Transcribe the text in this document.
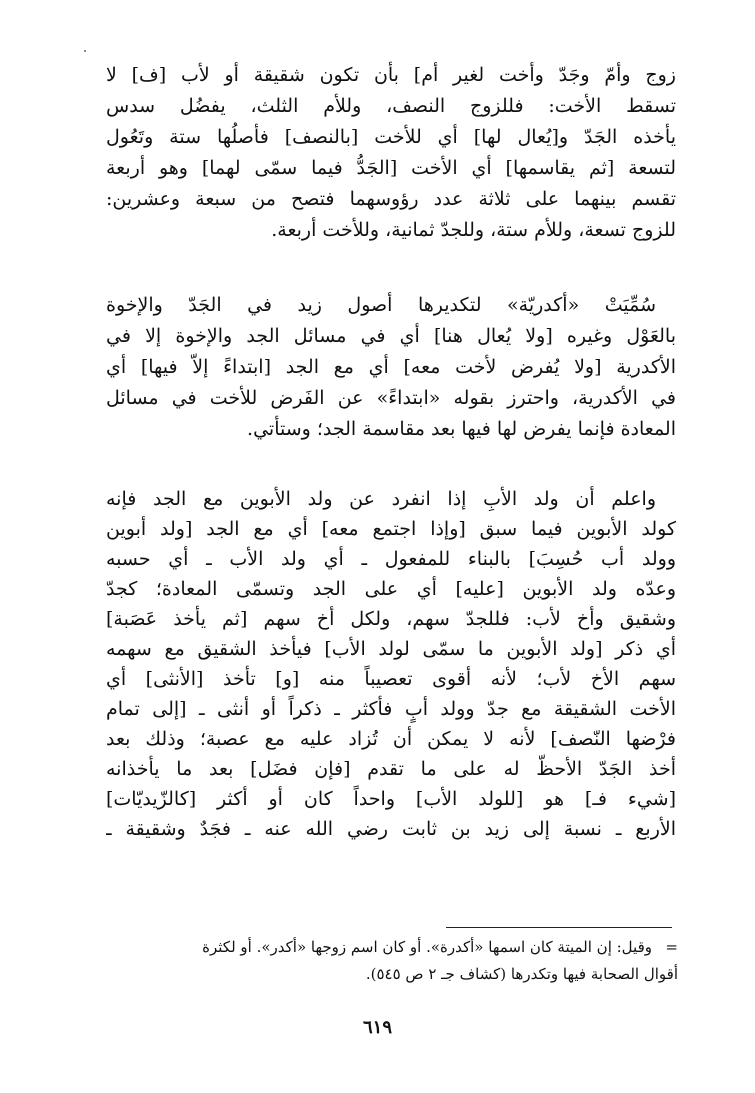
زوج وأمّ وجَدّ وأخت لغير أم] بأن تكون شقيقة أو لأب [ف] لا
تسقط الأخت: فللزوج النصف، وللأم الثلث، يفضُل سدس
يأخذه الجَدّ و[يُعال لها] أي للأخت [بالنصف] فأصلُها ستة وتَعُول
لتسعة [ثم يقاسمها] أي الأخت [الجَدُّ فيما سمّى لهما] وهو أربعة
تقسم بينهما على ثلاثة عدد رؤوسهما فتصح من سبعة وعشرين:
للزوج تسعة، وللأم ستة، وللجدّ ثمانية، وللأخت أربعة.
سُمِّيَتْ «أكدريّة» لتكديرها أصول زيد في الجَدّ والإخوة
بالعَوْل وغيره [ولا يُعال هنا] أي في مسائل الجد والإخوة إلا في
الأكدرية [ولا يُفرض لأخت معه] أي مع الجد [ابتداءً إلاّ فيها] أي
في الأكدرية، واحترز بقوله «ابتداءً» عن الفَرض للأخت في مسائل
المعادة فإنما يفرض لها فيها بعد مقاسمة الجد؛ وستأتي.
واعلم أن ولد الأبِ إذا انفرد عن ولد الأبوين مع الجد فإنه
كولد الأبوين فيما سبق [وإذا اجتمع معه] أي مع الجد [ولد أبوين
وولد أب حُسِبَ] بالبناء للمفعول ـ أي ولد الأب ـ أي حسبه
وعدّه ولد الأبوين [عليه] أي على الجد وتسمّى المعادة؛ كجدّ
وشقيق وأخ لأب: فللجدّ سهم، ولكل أخ سهم [ثم يأخذ عَصَبة]
أي ذكر [ولد الأبوين ما سمّى لولد الأب] فيأخذ الشقيق مع سهمه
سهم الأخ لأب؛ لأنه أقوى تعصيباً منه [و] تأخذ [الأنثى] أي
الأخت الشقيقة مع جدّ وولد أبٍ فأكثر ـ ذكراً أو أنثى ـ [إلى تمام
فرْضها النّصف] لأنه لا يمكن أن تُزاد عليه مع عصبة؛ وذلك بعد
أخذ الجَدّ الأحظّ له على ما تقدم [فإن فضَل] بعد ما يأخذانه
[شيء فـ] هو [للولد الأب] واحداً كان أو أكثر [كالزّيديّات]
الأربع ـ نسبة إلى زيد بن ثابت رضي الله عنه ـ فجَدٌ وشقيقة ـ
=
وقيل: إن الميتة كان اسمها «أكدرة». أو كان اسم زوجها «أكدر». أو لكثرة
أقوال الصحابة فيها وتكدرها (كشاف جـ ٢ ص ٥٤٥).
٦١٩
